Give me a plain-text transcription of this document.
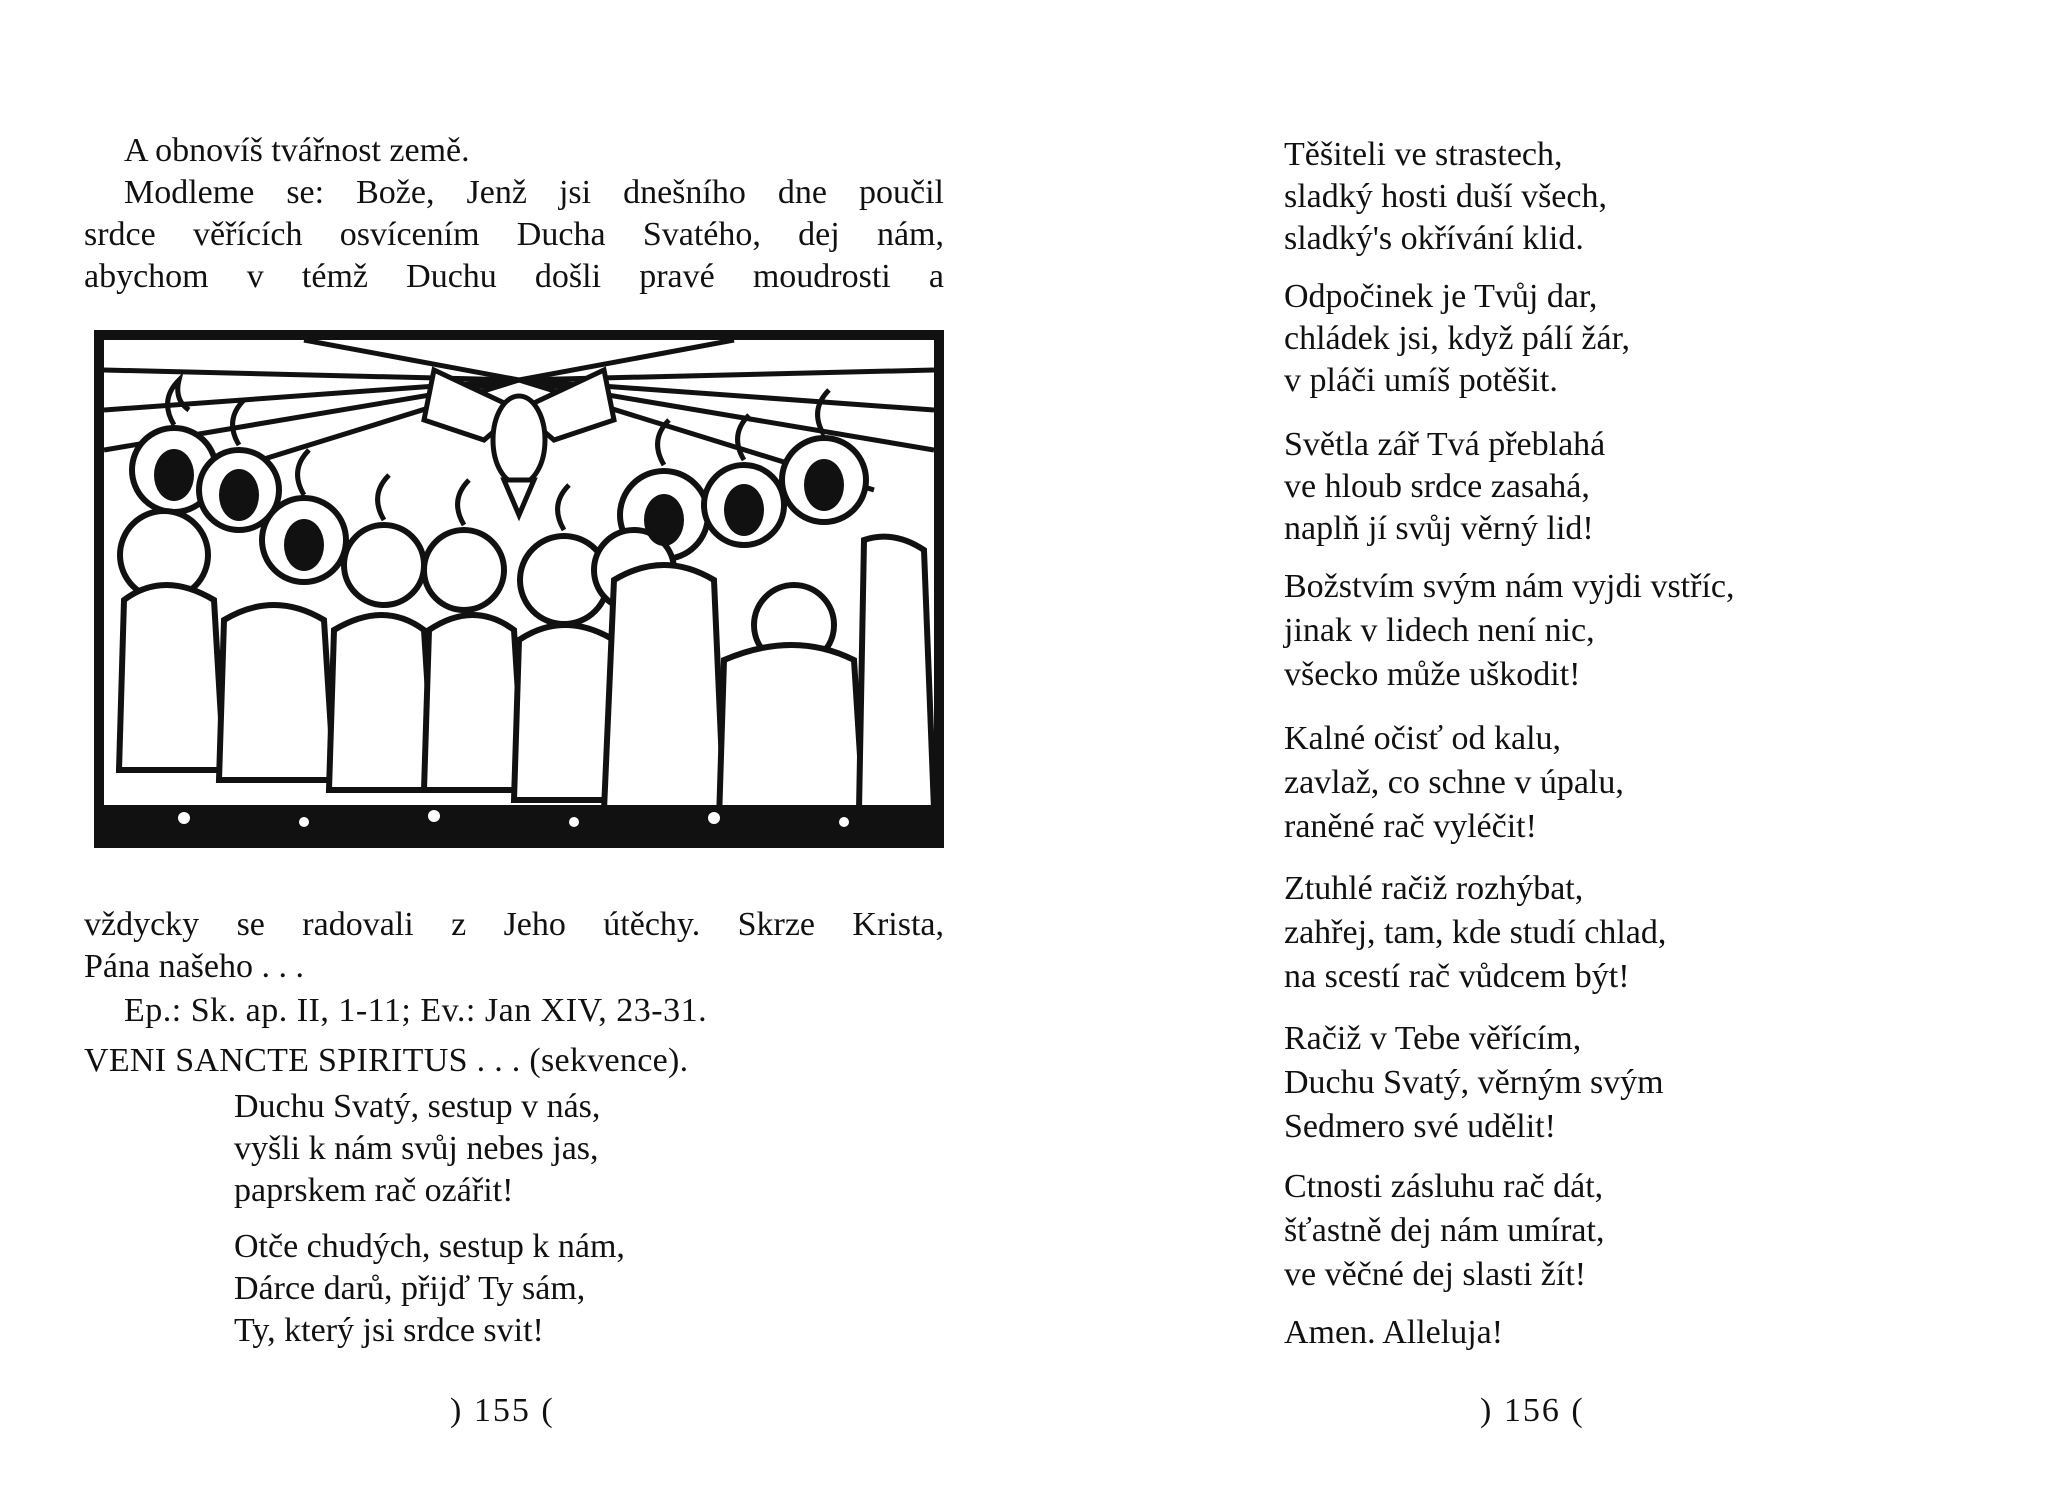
A obnovíš tvářnost země.
Modleme se: Bože, Jenž jsi dnešního dne poučil
srdce věřících osvícením Ducha Svatého, dej nám,
abychom v témž Duchu došli pravé moudrosti a
vždycky se radovali z Jeho útěchy. Skrze Krista,
Pána našeho . . .
Ep.: Sk. ap. II, 1-11; Ev.: Jan XIV, 23-31.
VENI SANCTE SPIRITUS . . . (sekvence).
Duchu Svatý, sestup v nás,
vyšli k nám svůj nebes jas,
paprskem rač ozářit!
Otče chudých, sestup k nám,
Dárce darů, přijď Ty sám,
Ty, který jsi srdce svit!
) 155 (
Těšiteli ve strastech,
sladký hosti duší všech,
sladký's okřívání klid.
Odpočinek je Tvůj dar,
chládek jsi, když pálí žár,
v pláči umíš potěšit.
Světla zář Tvá přeblahá
ve hloub srdce zasahá,
naplň jí svůj věrný lid!
Božstvím svým nám vyjdi vstříc,
jinak v lidech není nic,
všecko může uškodit!
Kalné očisť od kalu,
zavlaž, co schne v úpalu,
raněné rač vyléčit!
Ztuhlé račiž rozhýbat,
zahřej, tam, kde studí chlad,
na scestí rač vůdcem být!
Račiž v Tebe věřícím,
Duchu Svatý, věrným svým
Sedmero své udělit!
Ctnosti zásluhu rač dát,
šťastně dej nám umírat,
ve věčné dej slasti žít!
Amen. Alleluja!
) 156 (
